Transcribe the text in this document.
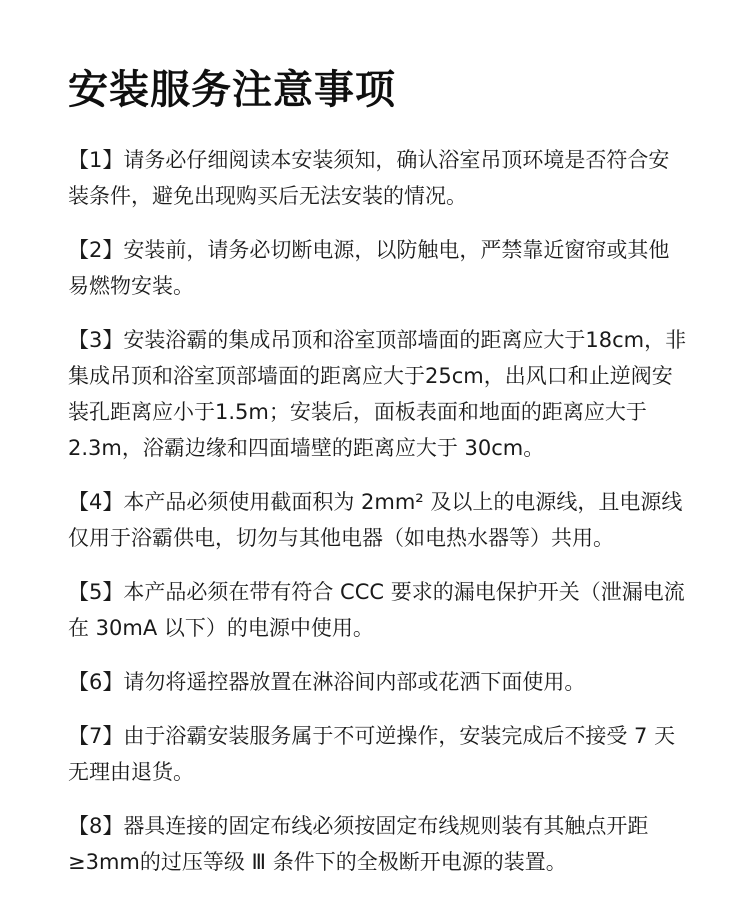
安装服务注意事项

【1】请务必仔细阅读本安装须知，确认浴室吊顶环境是否符合安装条件，避免出现购买后无法安装的情况。

【2】安装前，请务必切断电源，以防触电，严禁靠近窗帘或其他易燃物安装。

【3】安装浴霸的集成吊顶和浴室顶部墙面的距离应大于18cm，非集成吊顶和浴室顶部墙面的距离应大于25cm，出风口和止逆阀安装孔距离应小于1.5m；安装后，面板表面和地面的距离应大于 2.3m，浴霸边缘和四面墙壁的距离应大于 30cm。

【4】本产品必须使用截面积为 2mm² 及以上的电源线，且电源线仅用于浴霸供电，切勿与其他电器（如电热水器等）共用。

【5】本产品必须在带有符合 CCC 要求的漏电保护开关（泄漏电流在 30mA 以下）的电源中使用。

【6】请勿将遥控器放置在淋浴间内部或花洒下面使用。

【7】由于浴霸安装服务属于不可逆操作，安装完成后不接受 7 天无理由退货。

【8】器具连接的固定布线必须按固定布线规则装有其触点开距≥3mm的过压等级 Ⅲ 条件下的全极断开电源的装置。
